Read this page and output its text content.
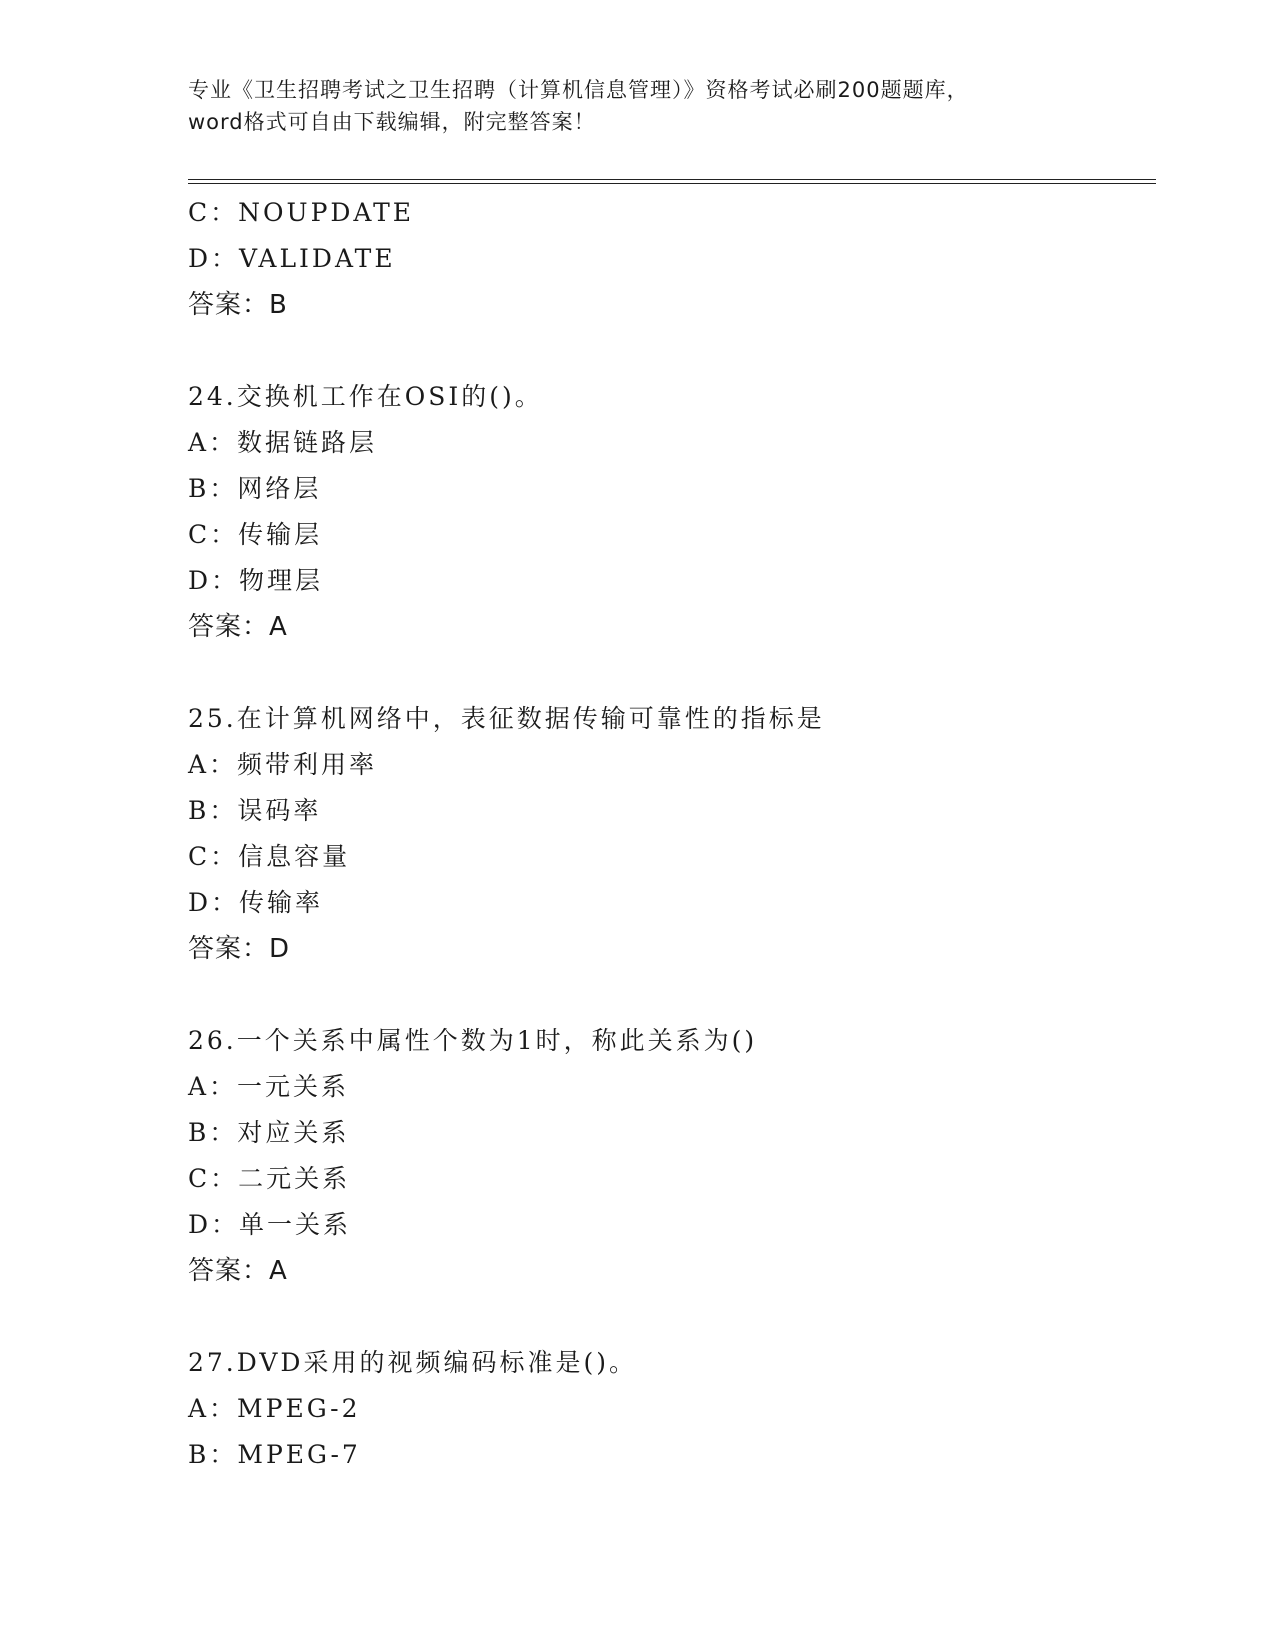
专业《卫生招聘考试之卫生招聘（计算机信息管理）》资格考试必刷200题题库，
word格式可自由下载编辑，附完整答案！
C：NOUPDATE
D：VALIDATE
答案：B
24.交换机工作在OSI的()。
A：数据链路层
B：网络层
C：传输层
D：物理层
答案：A
25.在计算机网络中，表征数据传输可靠性的指标是
A：频带利用率
B：误码率
C：信息容量
D：传输率
答案：D
26.一个关系中属性个数为1时，称此关系为()
A：一元关系
B：对应关系
C：二元关系
D：单一关系
答案：A
27.DVD采用的视频编码标准是()。
A：MPEG-2
B：MPEG-7
